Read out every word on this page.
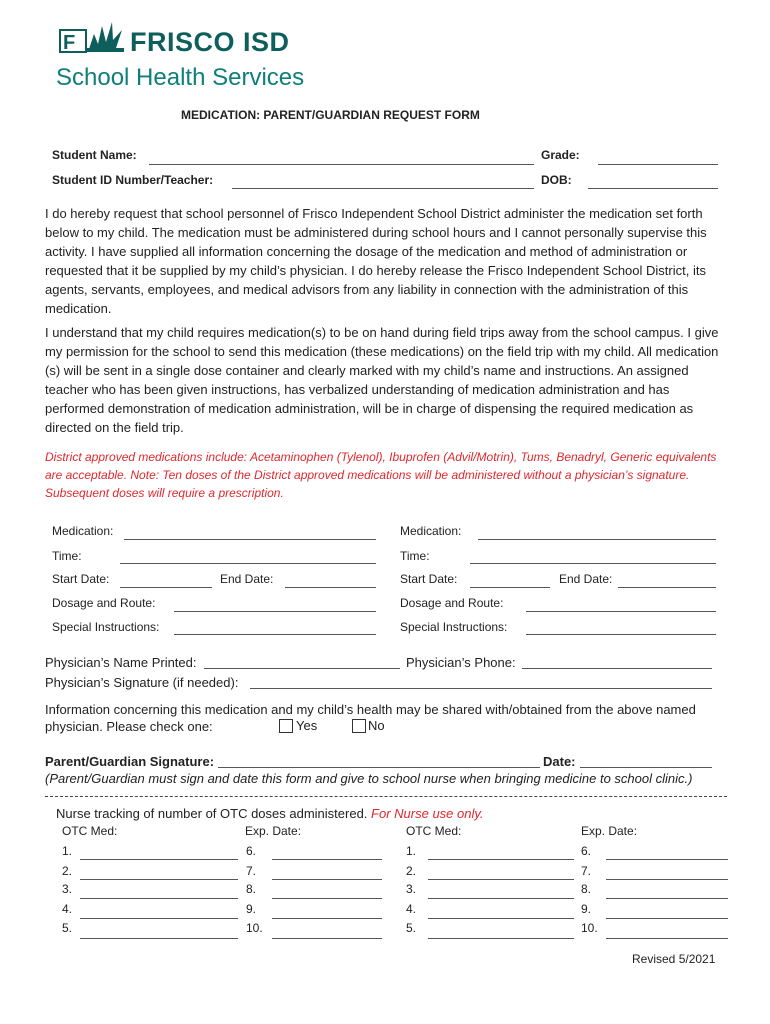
F FRISCO ISD
School Health Services
MEDICATION: PARENT/GUARDIAN REQUEST FORM
Student Name:	Grade:
Student ID Number/Teacher:	DOB:
I do hereby request that school personnel of Frisco Independent School District administer the medication set forth below to my child. The medication must be administered during school hours and I cannot personally supervise this activity. I have supplied all information concerning the dosage of the medication and method of administration or requested that it be supplied by my child’s physician. I do hereby release the Frisco Independent School District, its agents, servants, employees, and medical advisors from any liability in connection with the administration of this medication.
I understand that my child requires medication(s) to be on hand during field trips away from the school campus. I give my permission for the school to send this medication (these medications) on the field trip with my child. All medication (s) will be sent in a single dose container and clearly marked with my child’s name and instructions. An assigned teacher who has been given instructions, has verbalized understanding of medication administration and has performed demonstration of medication administration, will be in charge of dispensing the required medication as directed on the field trip.
District approved medications include: Acetaminophen (Tylenol), Ibuprofen (Advil/Motrin), Tums, Benadryl, Generic equivalents are acceptable. Note: Ten doses of the District approved medications will be administered without a physician’s signature. Subsequent doses will require a prescription.
Medication:
Time:
Start Date:	End Date:
Dosage and Route:
Special Instructions:
Medication:
Time:
Start Date:	End Date:
Dosage and Route:
Special Instructions:
Physician’s Name Printed:	Physician’s Phone:
Physician’s Signature (if needed):
Information concerning this medication and my child’s health may be shared with/obtained from the above named physician. Please check one:	Yes	No
Parent/Guardian Signature:	Date:
(Parent/Guardian must sign and date this form and give to school nurse when bringing medicine to school clinic.)
Nurse tracking of number of OTC doses administered. For Nurse use only.
OTC Med:	Exp. Date:	OTC Med:	Exp. Date:
1.	6.	1.	6.
2.	7.	2.	7.
3.	8.	3.	8.
4.	9.	4.	9.
5.	10.	5.	10.
Revised 5/2021
